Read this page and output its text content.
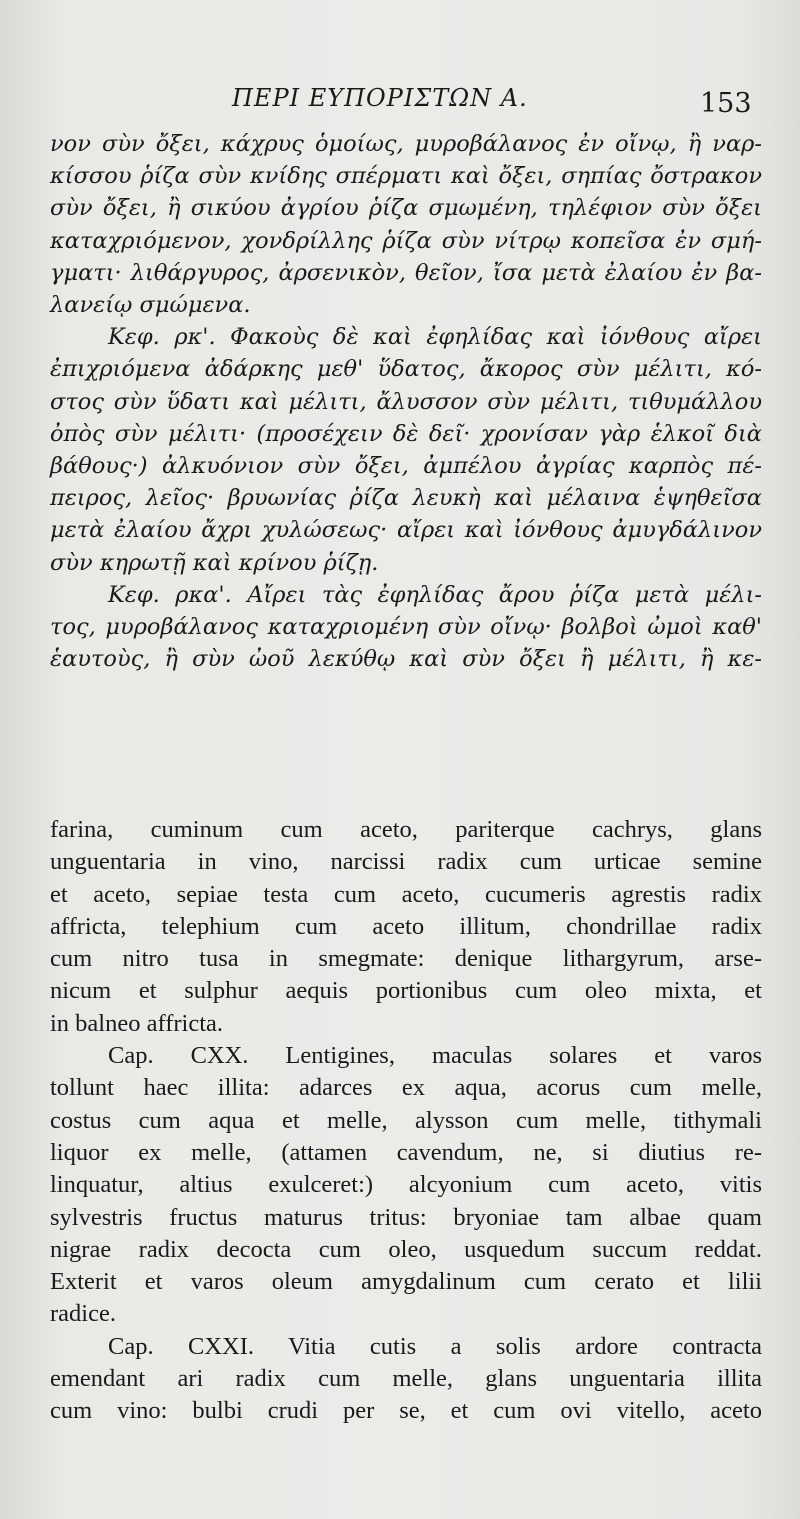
ΠΕΡΙ ΕΥΠΟΡΙΣΤΩΝ Α.	153
νον σὺν ὄξει, κάχρυς ὁμοίως, μυροβάλανος ἐν οἴνῳ, ἢ ναρ-
κίσσου ῥίζα σὺν κνίδης σπέρματι καὶ ὄξει, σηπίας ὄστρακον
σὺν ὄξει, ἢ σικύου ἀγρίου ῥίζα σμωμένη, τηλέφιον σὺν ὄξει
καταχριόμενον, χονδρίλλης ῥίζα σὺν νίτρῳ κοπεῖσα ἐν σμή-
γματι· λιθάργυρος, ἀρσενικὸν, θεῖον, ἴσα μετὰ ἐλαίου ἐν βα-
λανείῳ σμώμενα.
Κεφ. ρκ'. Φακοὺς δὲ καὶ ἐφηλίδας καὶ ἰόνθους αἴρει
ἐπιχριόμενα ἀδάρκης μεθ' ὕδατος, ἄκορος σὺν μέλιτι, κό-
στος σὺν ὕδατι καὶ μέλιτι, ἄλυσσον σὺν μέλιτι, τιθυμάλλου
ὀπὸς σὺν μέλιτι· (προσέχειν δὲ δεῖ· χρονίσαν γὰρ ἑλκοῖ διὰ
βάθους·) ἀλκυόνιον σὺν ὄξει, ἀμπέλου ἀγρίας καρπὸς πέ-
πειρος, λεῖος· βρυωνίας ῥίζα λευκὴ καὶ μέλαινα ἑψηθεῖσα
μετὰ ἐλαίου ἄχρι χυλώσεως· αἴρει καὶ ἰόνθους ἀμυγδάλινον
σὺν κηρωτῇ καὶ κρίνου ῥίζῃ.
Κεφ. ρκα'. Αἴρει τὰς ἐφηλίδας ἄρου ῥίζα μετὰ μέλι-
τος, μυροβάλανος καταχριομένη σὺν οἴνῳ· βολβοὶ ὠμοὶ καθ'
ἑαυτοὺς, ἢ σὺν ὠοῦ λεκύθῳ καὶ σὺν ὄξει ἢ μέλιτι, ἢ κε-
farina, cuminum cum aceto, pariterque cachrys, glans
unguentaria in vino, narcissi radix cum urticae semine
et aceto, sepiae testa cum aceto, cucumeris agrestis radix
affricta, telephium cum aceto illitum, chondrillae radix
cum nitro tusa in smegmate: denique lithargyrum, arse-
nicum et sulphur aequis portionibus cum oleo mixta, et
in balneo affricta.
Cap. CXX. Lentigines, maculas solares et varos
tollunt haec illita: adarces ex aqua, acorus cum melle,
costus cum aqua et melle, alysson cum melle, tithymali
liquor ex melle, (attamen cavendum, ne, si diutius re-
linquatur, altius exulceret:) alcyonium cum aceto, vitis
sylvestris fructus maturus tritus: bryoniae tam albae quam
nigrae radix decocta cum oleo, usquedum succum reddat.
Exterit et varos oleum amygdalinum cum cerato et lilii
radice.
Cap. CXXI. Vitia cutis a solis ardore contracta
emendant ari radix cum melle, glans unguentaria illita
cum vino: bulbi crudi per se, et cum ovi vitello, aceto
